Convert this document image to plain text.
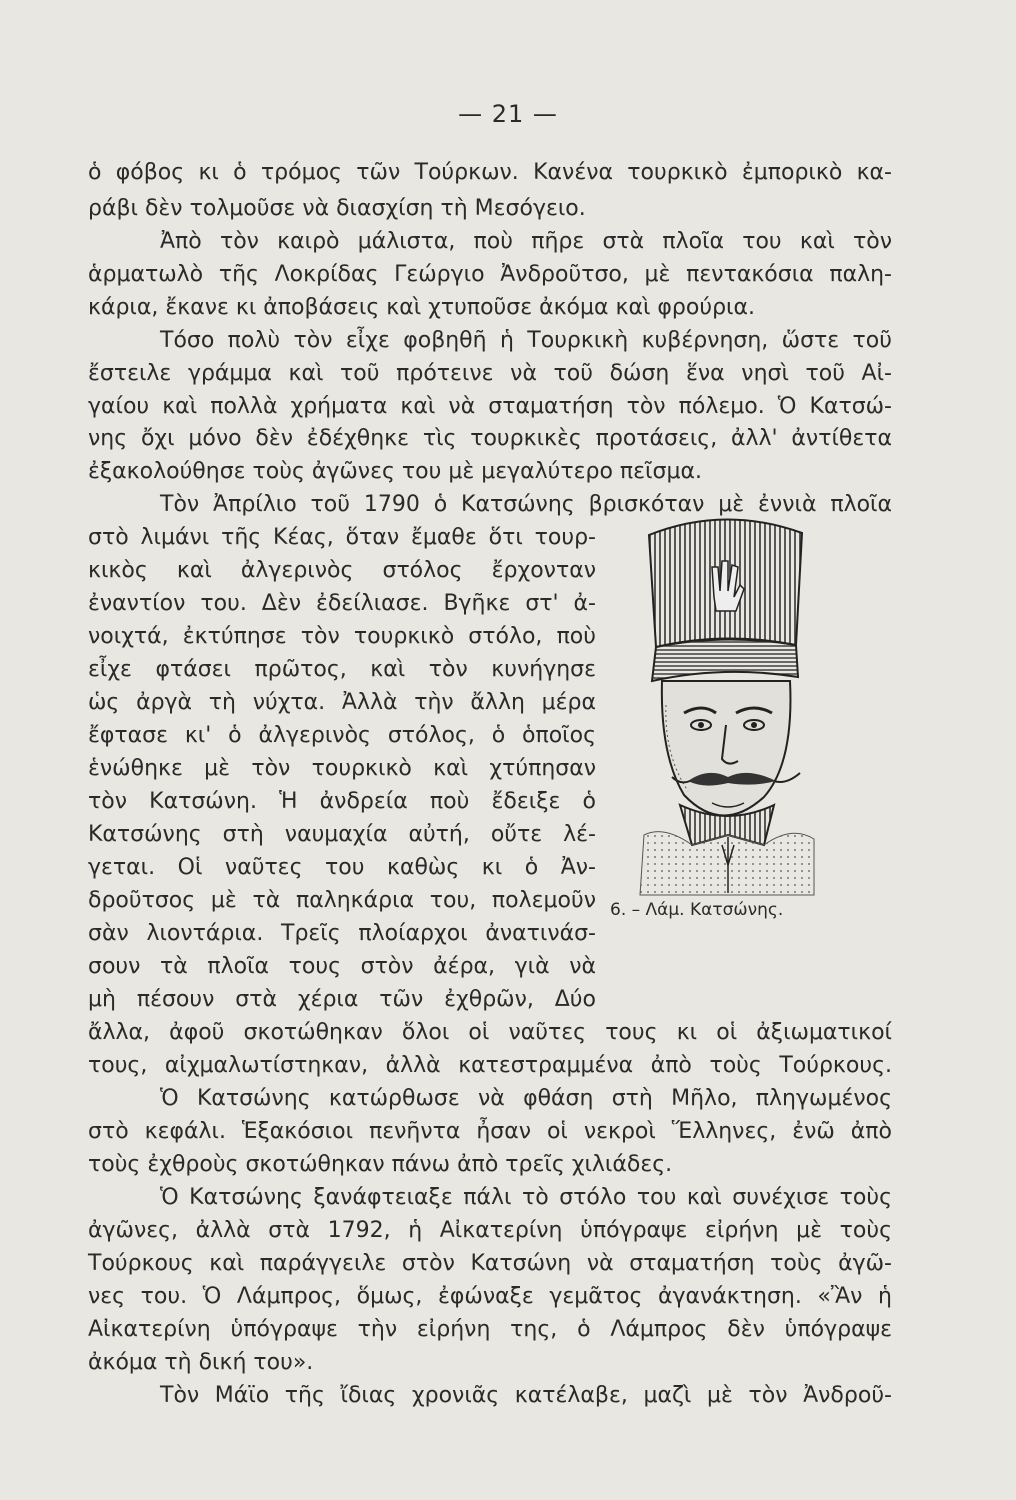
— 21 —

ὁ φόβος κι ὁ τρόμος τῶν Τούρκων. Κανένα τουρκικὸ ἐμπορικὸ κα-

ράβι δὲν τολμοῦσε νὰ διασχίση τὴ Μεσόγειο.

Ἀπὸ τὸν καιρὸ μάλιστα, ποὺ πῆρε στὰ πλοῖα του καὶ τὸν

ἁρματωλὸ τῆς Λοκρίδας Γεώργιο Ἀνδροῦτσο, μὲ πεντακόσια παλη-

κάρια, ἔκανε κι ἀποβάσεις καὶ χτυποῦσε ἀκόμα καὶ φρούρια.

Τόσο πολὺ τὸν εἶχε φοβηθῆ ἡ Τουρκικὴ κυβέρνηση, ὥστε τοῦ

ἔστειλε γράμμα καὶ τοῦ πρότεινε νὰ τοῦ δώση ἕνα νησὶ τοῦ Αἰ-

γαίου καὶ πολλὰ χρήματα καὶ νὰ σταματήση τὸν πόλεμο. Ὁ Κατσώ-

νης ὄχι μόνο δὲν ἐδέχθηκε τὶς τουρκικὲς προτάσεις, ἀλλ' ἀντίθετα

ἐξακολούθησε τοὺς ἀγῶνες του μὲ μεγαλύτερο πεῖσμα.

Τὸν Ἀπρίλιο τοῦ 1790 ὁ Κατσώνης βρισκόταν μὲ ἐννιὰ πλοῖα

στὸ λιμάνι τῆς Κέας, ὅταν ἔμαθε ὅτι τουρ-

κικὸς καὶ ἀλγερινὸς στόλος ἔρχονταν

ἐναντίον του. Δὲν ἐδείλιασε. Βγῆκε στ' ἀ-

νοιχτά, ἐκτύπησε τὸν τουρκικὸ στόλο, ποὺ

εἶχε φτάσει πρῶτος, καὶ τὸν κυνήγησε

ὡς ἀργὰ τὴ νύχτα. Ἀλλὰ τὴν ἄλλη μέρα

ἔφτασε κι' ὁ ἀλγερινὸς στόλος, ὁ ὁποῖος

ἑνώθηκε μὲ τὸν τουρκικὸ καὶ χτύπησαν

τὸν Κατσώνη. Ἡ ἀνδρεία ποὺ ἔδειξε ὁ

Κατσώνης στὴ ναυμαχία αὐτή, οὔτε λέ-

γεται. Οἱ ναῦτες του καθὼς κι ὁ Ἀν-

δροῦτσος μὲ τὰ παληκάρια του, πολεμοῦν

σὰν λιοντάρια. Τρεῖς πλοίαρχοι ἀνατινάσ-

σουν τὰ πλοῖα τους στὸν ἀέρα, γιὰ νὰ

μὴ πέσουν στὰ χέρια τῶν ἐχθρῶν, Δύο

ἄλλα, ἀφοῦ σκοτώθηκαν ὅλοι οἱ ναῦτες τους κι οἱ ἀξιωματικοί

τους, αἰχμαλωτίστηκαν, ἀλλὰ κατεστραμμένα ἀπὸ τοὺς Τούρκους.

Ὁ Κατσώνης κατώρθωσε νὰ φθάση στὴ Μῆλο, πληγωμένος

στὸ κεφάλι. Ἑξακόσιοι πενῆντα ἦσαν οἱ νεκροὶ Ἕλληνες, ἐνῶ ἀπὸ

τοὺς ἐχθροὺς σκοτώθηκαν πάνω ἀπὸ τρεῖς χιλιάδες.

Ὁ Κατσώνης ξανάφτειαξε πάλι τὸ στόλο του καὶ συνέχισε τοὺς

ἀγῶνες, ἀλλὰ στὰ 1792, ἡ Αἰκατερίνη ὑπόγραψε εἰρήνη μὲ τοὺς

Τούρκους καὶ παράγγειλε στὸν Κατσώνη νὰ σταματήση τοὺς ἀγῶ-

νες του. Ὁ Λάμπρος, ὅμως, ἐφώναξε γεμᾶτος ἀγανάκτηση. «Ἂν ἡ

Αἰκατερίνη ὑπόγραψε τὴν εἰρήνη της, ὁ Λάμπρος δὲν ὑπόγραψε

ἀκόμα τὴ δική του».

Τὸν Μάϊο τῆς ἴδιας χρονιᾶς κατέλαβε, μαζὶ μὲ τὸν Ἀνδροῦ-

6. – Λάμ. Κατσώνης.
